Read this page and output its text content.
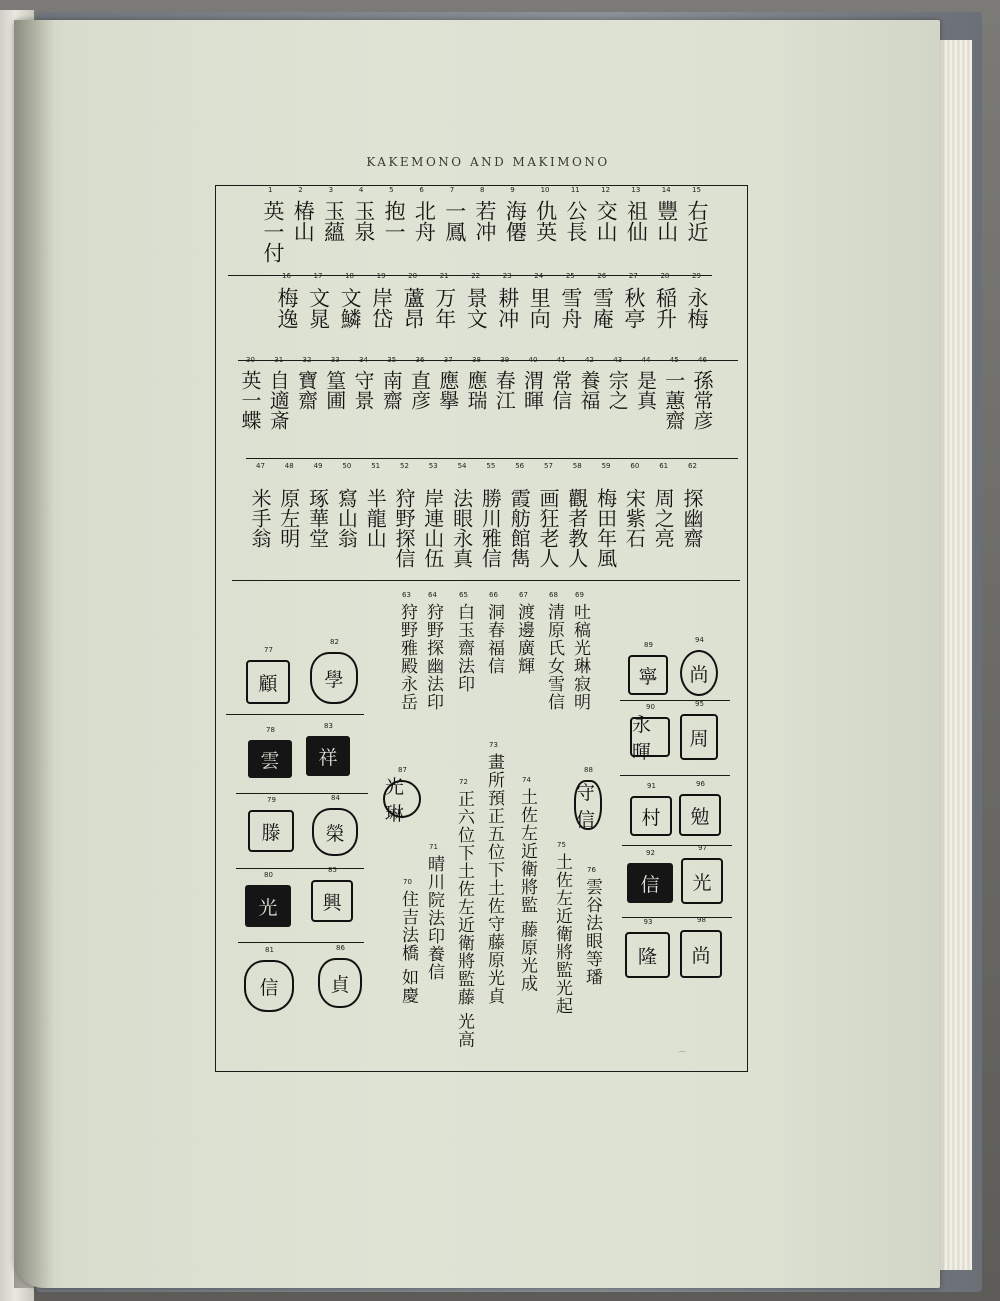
KAKEMONO AND MAKIMONO
1
英一付
2
椿山
3
玉蘊
4
玉泉
5
抱一
6
北舟
7
一鳳
8
若冲
9
海僊
10
仇英
11
公長
12
交山
13
祖仙
14
豐山
15
右近
16
梅逸
17
文晁
18
文鱗
19
岸岱
20
蘆昂
21
万年
22
景文
23
耕冲
24
里向
25
雪舟
26
雪庵
27
秋亭
28
稲升
29
永梅
30
英一蝶
31
自適斎
32
寶齋
33
篁圃
34
守景
35
南齋
36
直彦
37
應擧
38
應瑞
39
春江
40
渭暉
41
常信
42
養福
43
宗之
44
是真
45
一蕙齋
46
孫常彦
47
米手翁
48
原左明
49
琢華堂
50
寫山翁
51
半龍山
52
狩野探信
53
岸連山伍
54
法眼永真
55
勝川雅信
56
霞舫館雋
57
画狂老人
58
觀者教人
59
梅田年風
60
宋紫石
61
周之亮
62
探幽齋
63
狩野雅殿永岳
64
狩野探幽法印
65
白玉齋法印
66
洞春福信
67
渡邊廣輝
68
清原氏女雪信
69
吐稿光琳寂明
70
住吉法橋 如慶
71
晴川院法印養信
72
正六位下土佐左近衛將監藤 光高
73
畫所預正五位下土佐守藤原光貞	74
土佐左近衛將監 藤原光成	75
土佐左近衛將監光起 76
雲谷法眼等璠
77
顧
82
學
78
雲
83
祥
79
滕
84
榮
80
光
85
興
81
信
86
貞
87
光琳
88
守信
89
寧
94
尚
90
永暉
95
周
91
村
96
勉
92
信
97
光
93
隆
98
尚
⌒
